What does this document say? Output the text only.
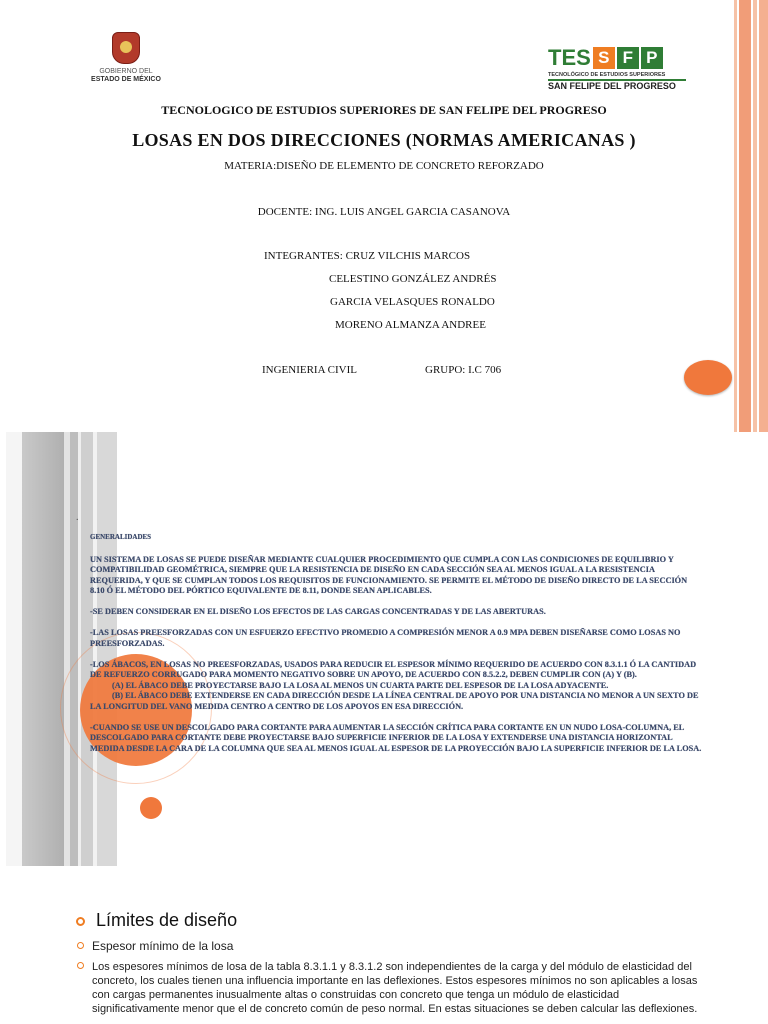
GOBIERNO DEL
ESTADO DE MÉXICO
TES S F P
TECNOLÓGICO DE ESTUDIOS SUPERIORES
SAN FELIPE DEL PROGRESO
TECNOLOGICO DE ESTUDIOS SUPERIORES DE SAN FELIPE DEL PROGRESO
LOSAS EN DOS DIRECCIONES (NORMAS AMERICANAS )
MATERIA:DISEÑO DE ELEMENTO DE CONCRETO REFORZADO
DOCENTE: ING. LUIS ANGEL GARCIA CASANOVA
INTEGRANTES: CRUZ VILCHIS MARCOS
CELESTINO GONZÁLEZ ANDRÉS
GARCIA VELASQUES RONALDO
MORENO ALMANZA ANDREE
INGENIERIA CIVIL	GRUPO: I.C 706
.

GENERALIDADES

UN SISTEMA DE LOSAS SE PUEDE DISEÑAR MEDIANTE CUALQUIER PROCEDIMIENTO QUE CUMPLA CON LAS CONDICIONES DE EQUILIBRIO Y COMPATIBILIDAD GEOMÉTRICA, SIEMPRE QUE LA RESISTENCIA DE DISEÑO EN CADA SECCIÓN SEA AL MENOS IGUAL A LA RESISTENCIA REQUERIDA, Y QUE SE CUMPLAN TODOS LOS REQUISITOS DE FUNCIONAMIENTO. SE PERMITE EL MÉTODO DE DISEÑO DIRECTO DE LA SECCIÓN 8.10 Ó EL MÉTODO DEL PÓRTICO EQUIVALENTE DE 8.11, DONDE SEAN APLICABLES.

-SE DEBEN CONSIDERAR EN EL DISEÑO LOS EFECTOS DE LAS CARGAS CONCENTRADAS Y DE LAS ABERTURAS.

-LAS LOSAS PREESFORZADAS CON UN ESFUERZO EFECTIVO PROMEDIO A COMPRESIÓN MENOR A 0.9 MPA DEBEN DISEÑARSE COMO LOSAS NO PREESFORZADAS.

-LOS ÁBACOS, EN LOSAS NO PREESFORZADAS, USADOS PARA REDUCIR EL ESPESOR MÍNIMO REQUERIDO DE ACUERDO CON 8.3.1.1 Ó LA CANTIDAD DE REFUERZO CORRUGADO PARA MOMENTO NEGATIVO SOBRE UN APOYO, DE ACUERDO CON 8.5.2.2, DEBEN CUMPLIR CON (A) Y (B).

(A) EL ÁBACO DEBE PROYECTARSE BAJO LA LOSA AL MENOS UN CUARTA PARTE DEL ESPESOR DE LA LOSA ADYACENTE.

(B) EL ÁBACO DEBE EXTENDERSE EN CADA DIRECCIÓN DESDE LA LÍNEA CENTRAL DE APOYO POR UNA DISTANCIA NO MENOR A UN SEXTO DE LA LONGITUD DEL VANO MEDIDA CENTRO A CENTRO DE LOS APOYOS EN ESA DIRECCIÓN.

-CUANDO SE USE UN DESCOLGADO PARA CORTANTE PARA AUMENTAR LA SECCIÓN CRÍTICA PARA CORTANTE EN UN NUDO LOSA-COLUMNA, EL DESCOLGADO PARA CORTANTE DEBE PROYECTARSE BAJO SUPERFICIE INFERIOR DE LA LOSA Y EXTENDERSE UNA DISTANCIA HORIZONTAL MEDIDA DESDE LA CARA DE LA COLUMNA QUE SEA AL MENOS IGUAL AL ESPESOR DE LA PROYECCIÓN BAJO LA SUPERFICIE INFERIOR DE LA LOSA.

Límites de diseño
Espesor mínimo de la losa
Los espesores mínimos de losa de la tabla 8.3.1.1 y 8.3.1.2 son independientes de la carga y del módulo de elasticidad del concreto, los cuales tienen una influencia importante en las deflexiones. Estos espesores mínimos no son aplicables a losas con cargas permanentes inusualmente altas o construidas con concreto que tenga un módulo de elasticidad significativamente menor que el de concreto común de peso normal. En estas situaciones se deben calcular las deflexiones.
